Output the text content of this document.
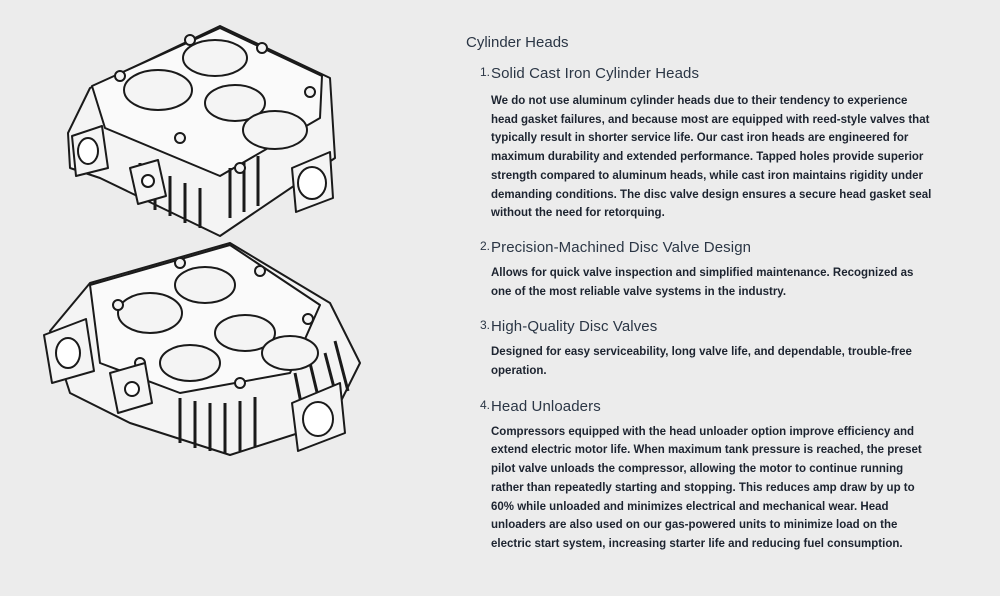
Cylinder Heads
1. Solid Cast Iron Cylinder Heads

We do not use aluminum cylinder heads due to their tendency to experience head gasket failures, and because most are equipped with reed-style valves that typically result in shorter service life. Our cast iron heads are engineered for maximum durability and extended performance. Tapped holes provide superior strength compared to aluminum heads, while cast iron maintains rigidity under demanding conditions. The disc valve design ensures a secure head gasket seal without the need for retorquing.

2. Precision-Machined Disc Valve Design

Allows for quick valve inspection and simplified maintenance. Recognized as one of the most reliable valve systems in the industry.

3. High-Quality Disc Valves

Designed for easy serviceability, long valve life, and dependable, trouble-free operation.

4. Head Unloaders

Compressors equipped with the head unloader option improve efficiency and extend electric motor life. When maximum tank pressure is reached, the preset pilot valve unloads the compressor, allowing the motor to continue running rather than repeatedly starting and stopping. This reduces amp draw by up to 60% while unloaded and minimizes electrical and mechanical wear. Head unloaders are also used on our gas-powered units to minimize load on the electric start system, increasing starter life and reducing fuel consumption.
